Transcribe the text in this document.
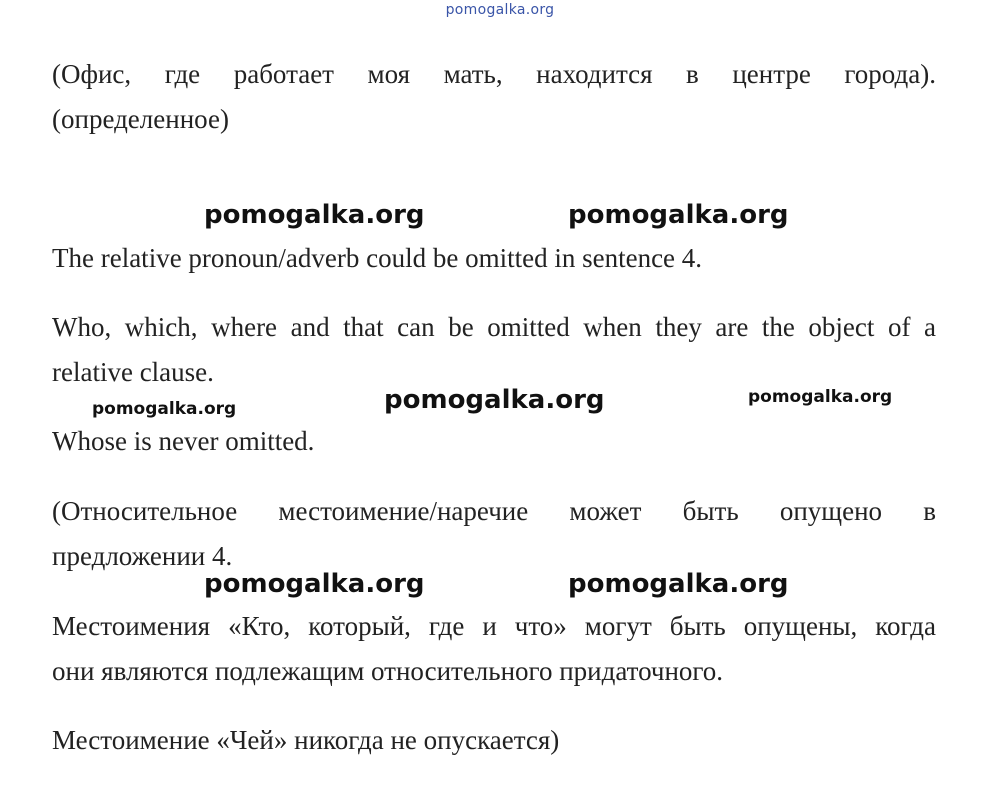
pomogalka.org
(Офис, где работает моя мать, находится в центре города).
(определенное)
The relative pronoun/adverb could be omitted in sentence 4.
Who, which, where and that can be omitted when they are the object of a
relative clause.
Whose is never omitted.
(Относительное местоимение/наречие может быть опущено в
предложении 4.
Местоимения «Кто, который, где и что» могут быть опущены, когда
они являются подлежащим относительного придаточного.
Местоимение «Чей» никогда не опускается)
pomogalka.org	pomogalka.org
pomogalka.org	pomogalka.org	pomogalka.org
pomogalka.org	pomogalka.org
